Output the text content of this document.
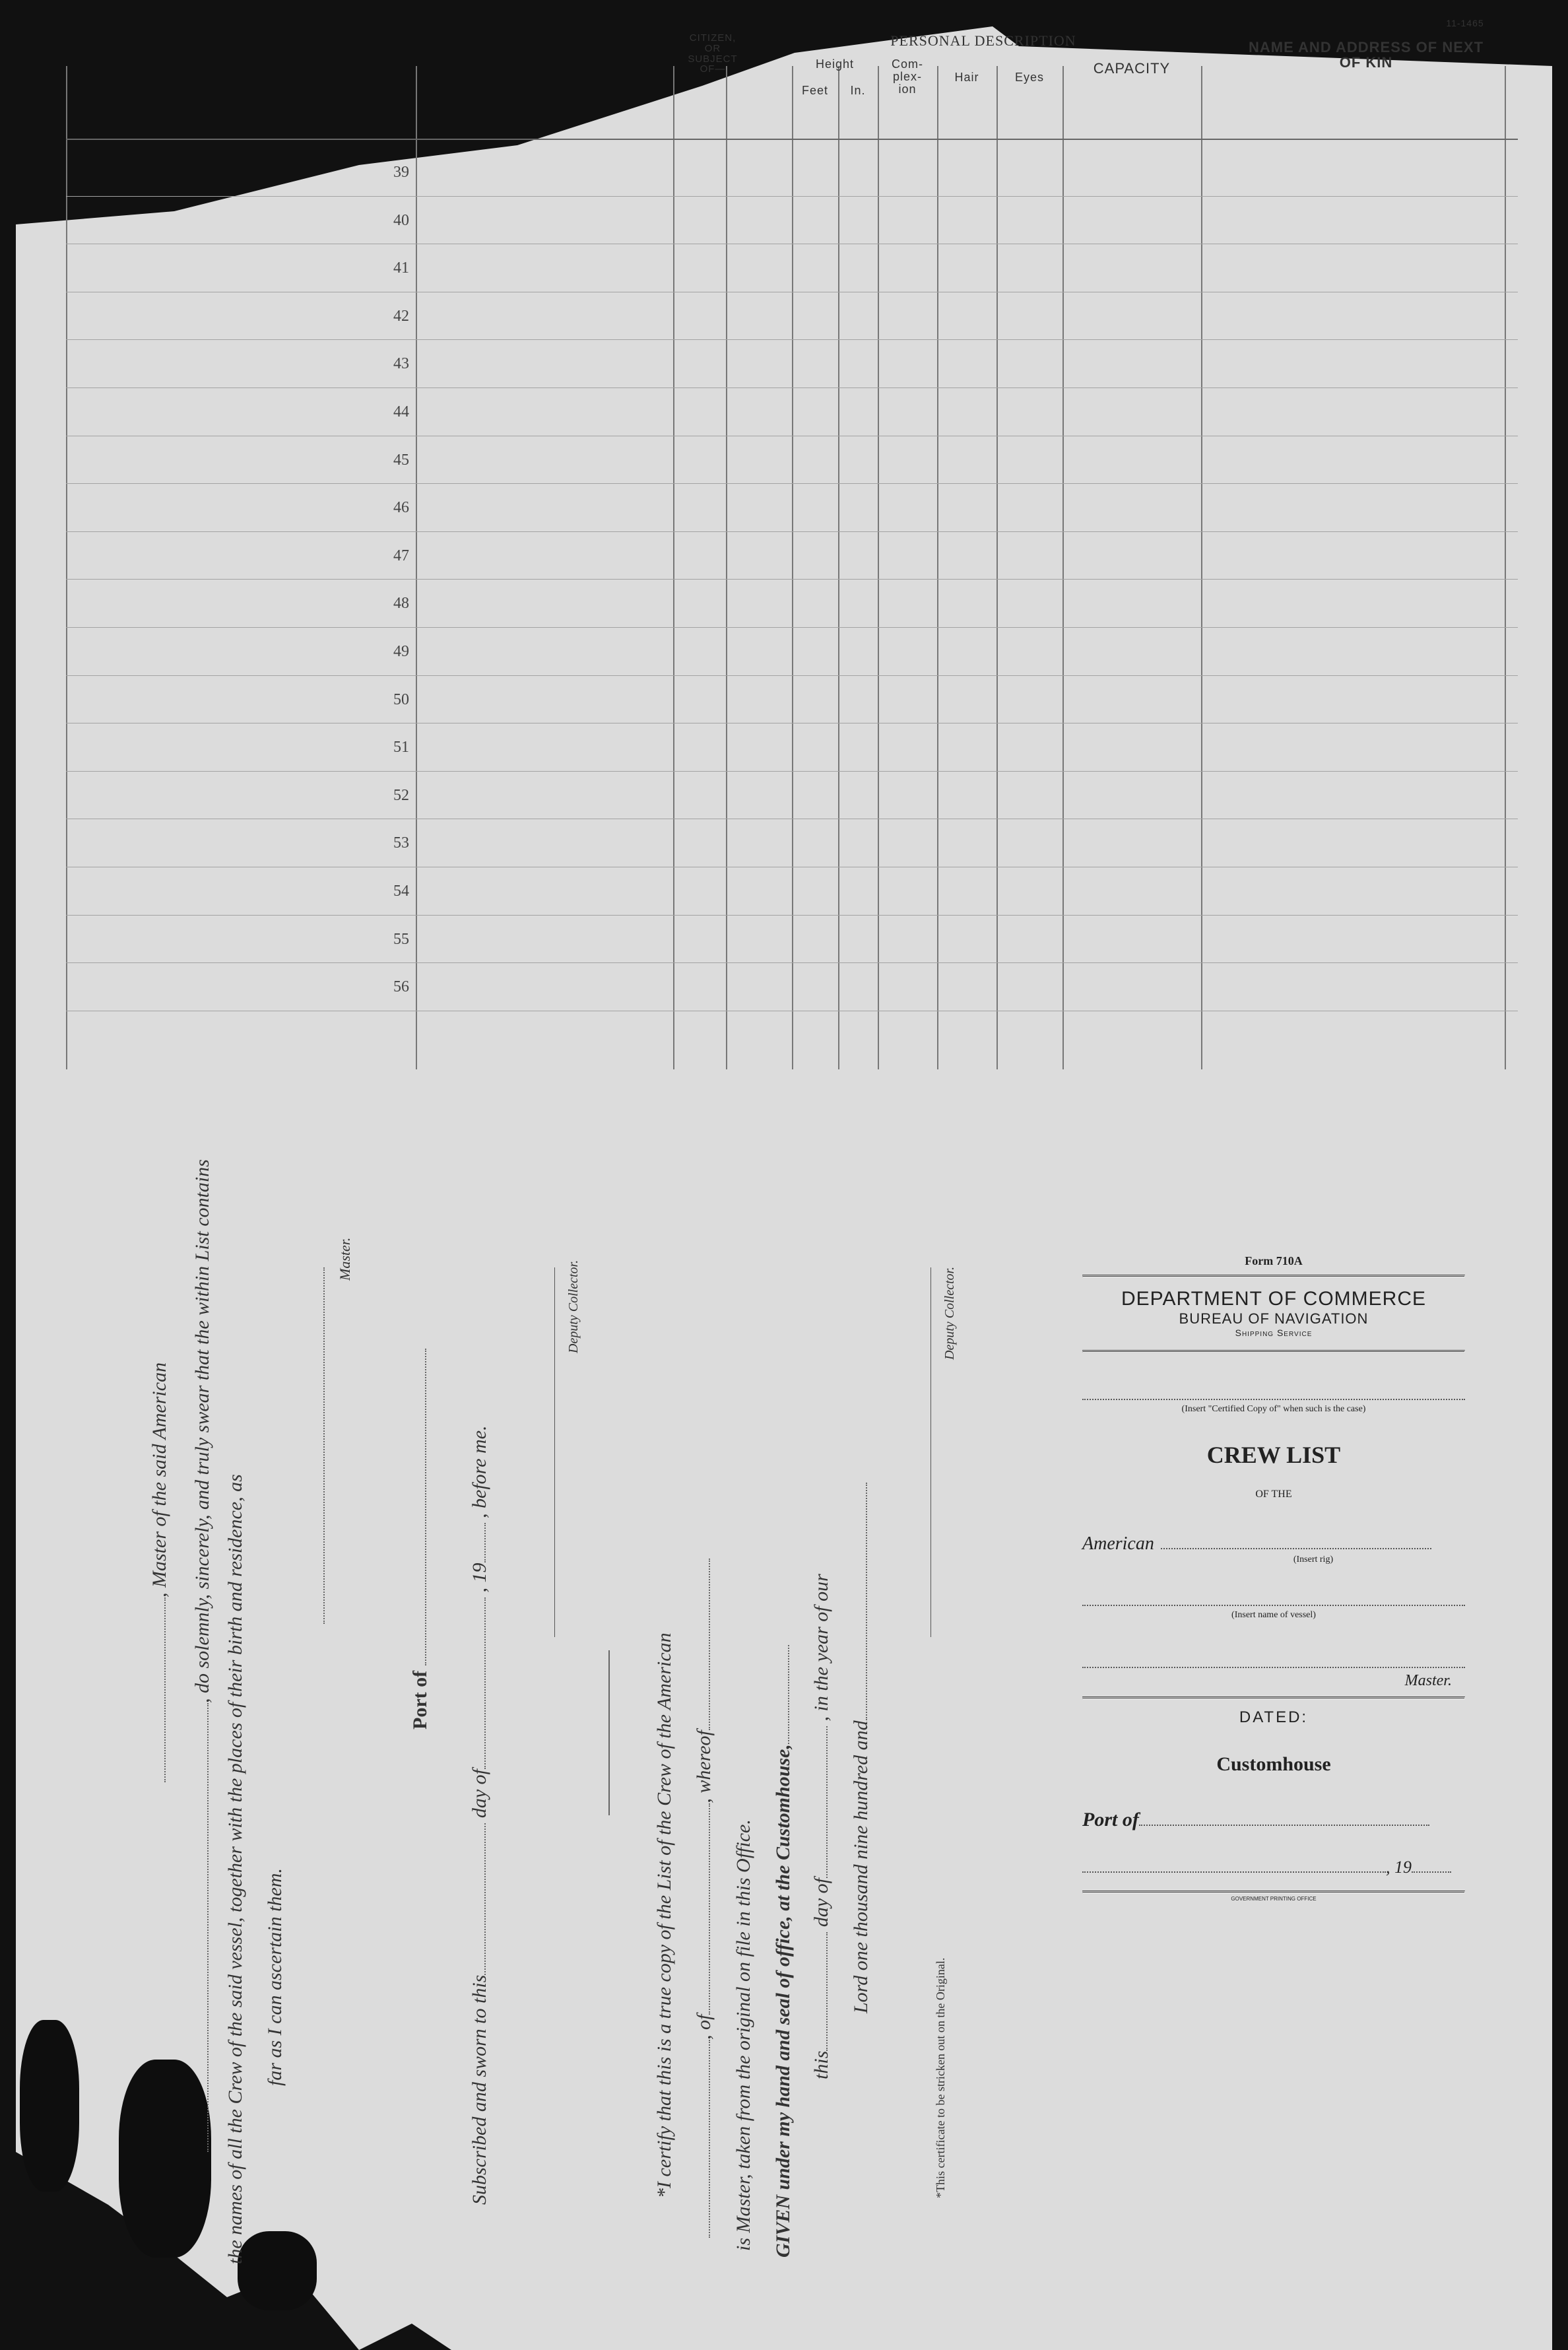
CITIZEN, OR SUBJECT OF—
PERSONAL DESCRIPTION
Height
Feet	In.
Com- plex- ion
Hair	Eyes
CAPACITY
NAME AND ADDRESS OF NEXT OF KIN
11-1465
39
40
41
42
43
44
45
46
47
48
49
50
51
52
53
54
55
56
, Master of the said American , do solemnly, sincerely, and truly swear that the within List contains
the names of all the Crew of the said vessel, together with the places of their birth and residence, as far as I can ascertain them.
Master.
Port of
Subscribed and sworn to this day of , 19 , before me.
Deputy Collector.
*I certify that this is a true copy of the List of the Crew of the American , of, whereof
is Master, taken from the original on file in this Office. GIVEN under my hand and seal of office, at the Customhouse, this day of , in the year of our
Lord one thousand nine hundred and
Deputy Collector.
*This certificate to be stricken out on the Original.
Form 710A
DEPARTMENT OF COMMERCE
BUREAU OF NAVIGATION
Shipping Service
(Insert "Certified Copy of" when such is the case)
CREW LIST
OF THE
American
(Insert rig)
(Insert name of vessel)
Master.
DATED:
Customhouse
Port of
, 19
GOVERNMENT PRINTING OFFICE
